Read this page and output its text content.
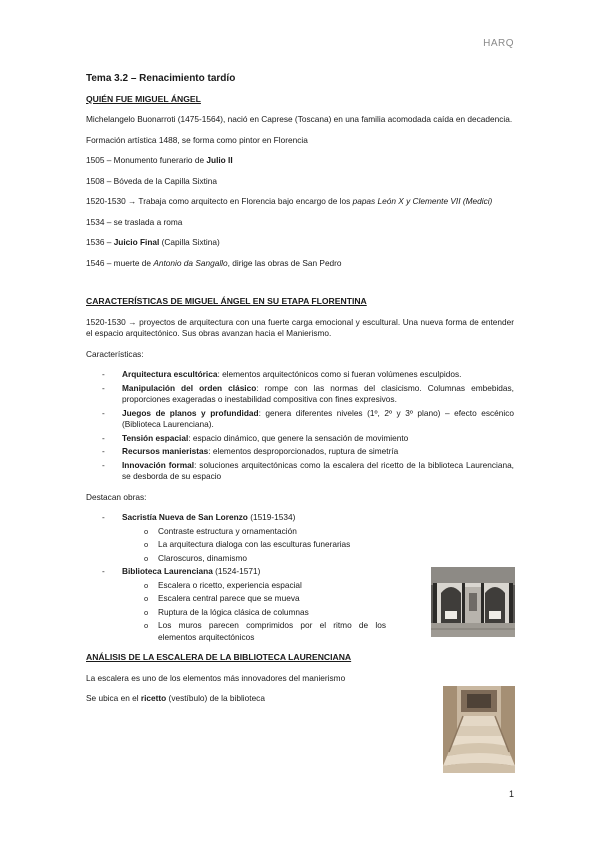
HARQ
Tema 3.2 – Renacimiento tardío
QUIÉN FUE MIGUEL ÁNGEL

Michelangelo Buonarroti (1475-1564), nació en Caprese (Toscana) en una familia acomodada caída en decadencia.

Formación artística 1488, se forma como pintor en Florencia

1505 – Monumento funerario de Julio II

1508 – Bóveda de la Capilla Sixtina

1520-1530 → Trabaja como arquitecto en Florencia bajo encargo de los papas León X y Clemente VII (Medici)

1534 – se traslada a roma

1536 – Juicio Final (Capilla Sixtina)

1546 – muerte de Antonio da Sangallo, dirige las obras de San Pedro

CARACTERÍSTICAS DE MIGUEL ÁNGEL EN SU ETAPA FLORENTINA

1520-1530 → proyectos de arquitectura con una fuerte carga emocional y escultural. Una nueva forma de entender el espacio arquitectónico. Sus obras avanzan hacia el Manierismo.

Características:

- Arquitectura escultórica: elementos arquitectónicos como si fueran volúmenes esculpidos.
- Manipulación del orden clásico: rompe con las normas del clasicismo. Columnas embebidas, proporciones exageradas o inestabilidad compositiva con fines expresivos.
- Juegos de planos y profundidad: genera diferentes niveles (1º, 2º y 3º plano) – efecto escénico (Biblioteca Laurenciana).
- Tensión espacial: espacio dinámico, que genere la sensación de movimiento
- Recursos manieristas: elementos desproporcionados, ruptura de simetría
- Innovación formal: soluciones arquitectónicas como la escalera del ricetto de la biblioteca Laurenciana, se desborda de su espacio

Destacan obras:

- Sacristía Nueva de San Lorenzo (1519-1534)
o Contraste estructura y ornamentación
o La arquitectura dialoga con las esculturas funerarias
o Claroscuros, dinamismo
- Biblioteca Laurenciana (1524-1571)
o Escalera o ricetto, experiencia espacial
o Escalera central parece que se mueva
o Ruptura de la lógica clásica de columnas
o Los muros parecen comprimidos por el ritmo de los elementos arquitectónicos
ANÁLISIS DE LA ESCALERA DE LA BIBLIOTECA LAURENCIANA

La escalera es uno de los elementos más innovadores del manierismo

Se ubica en el ricetto (vestíbulo) de la biblioteca

1
